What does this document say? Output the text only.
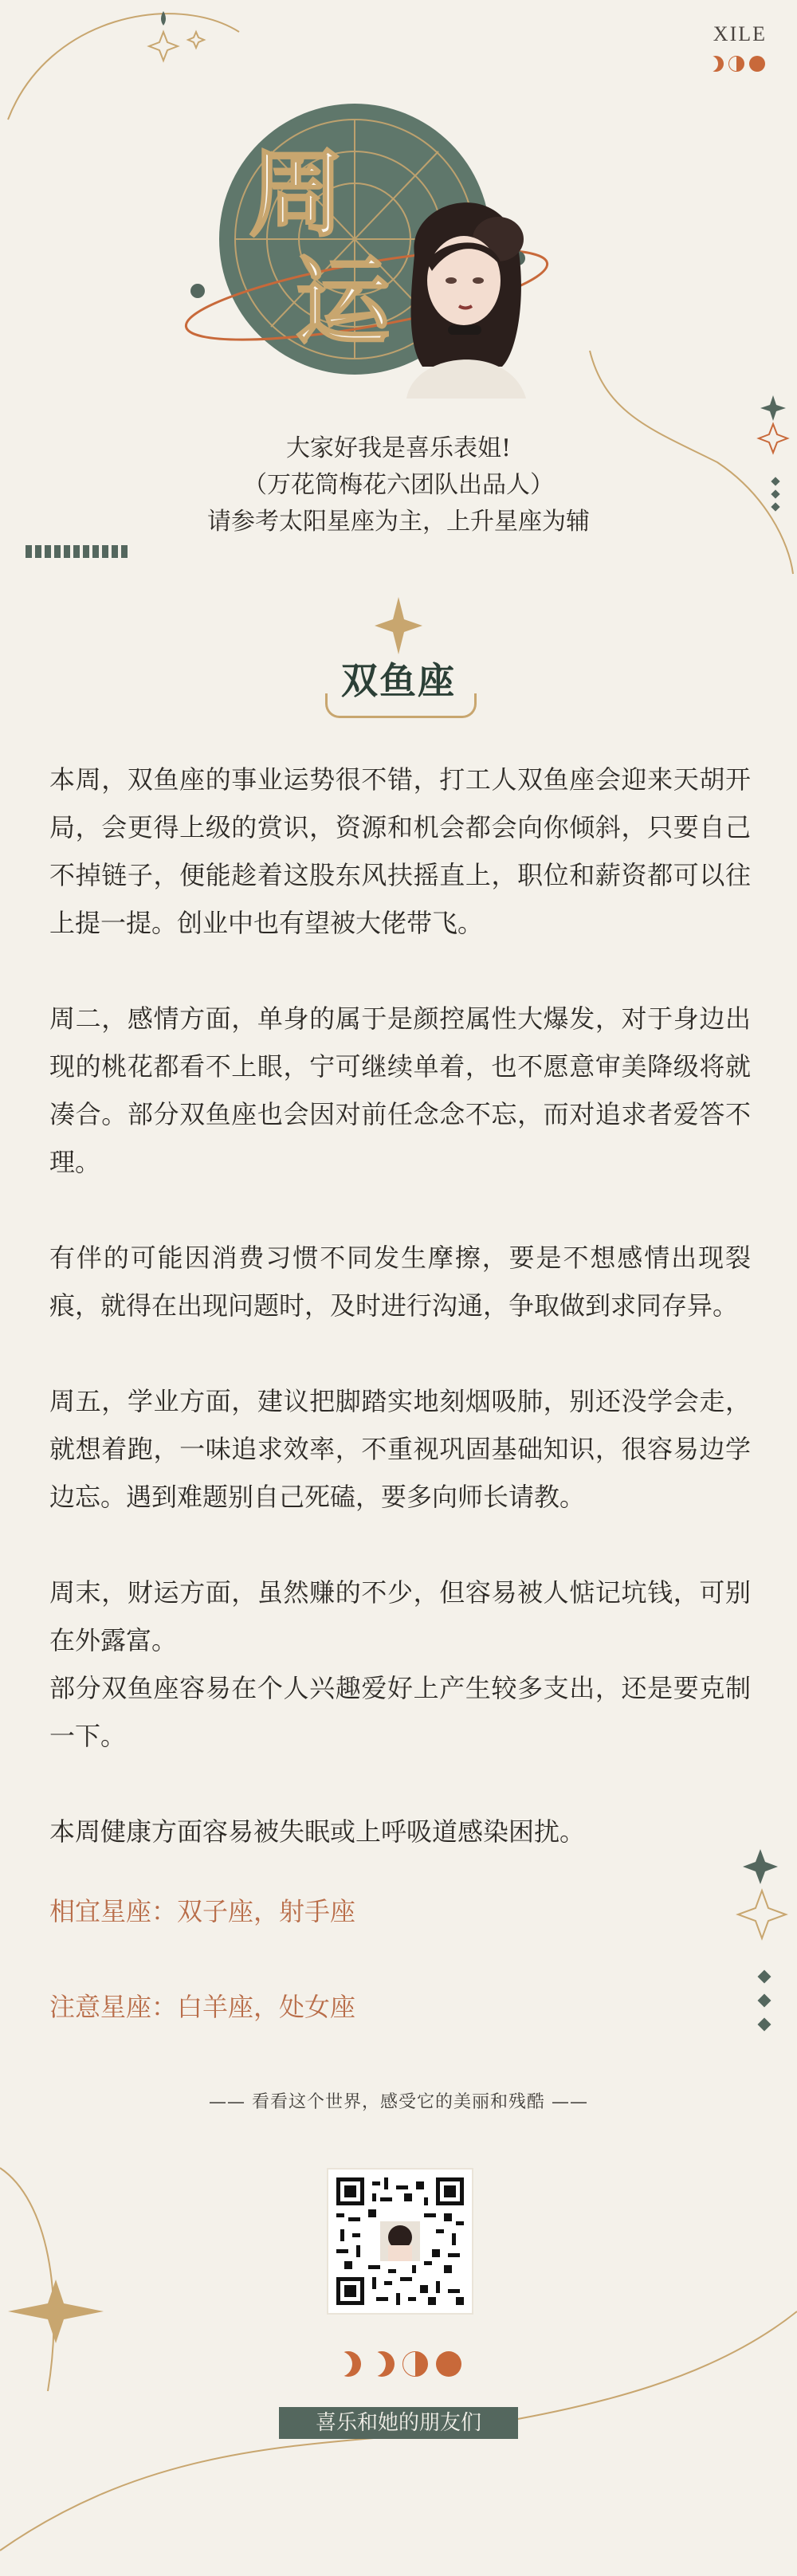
XILE
周
运
大家好我是喜乐表姐!
（万花筒梅花六团队出品人）
请参考太阳星座为主，上升星座为辅
双鱼座

本周，双鱼座的事业运势很不错，打工人双鱼座会迎来天胡开局，会更得上级的赏识，资源和机会都会向你倾斜，只要自己不掉链子，便能趁着这股东风扶摇直上，职位和薪资都可以往上提一提。创业中也有望被大佬带飞。

周二，感情方面，单身的属于是颜控属性大爆发，对于身边出现的桃花都看不上眼，宁可继续单着，也不愿意审美降级将就凑合。部分双鱼座也会因对前任念念不忘，而对追求者爱答不理。

有伴的可能因消费习惯不同发生摩擦，要是不想感情出现裂痕，就得在出现问题时，及时进行沟通，争取做到求同存异。

周五，学业方面，建议把脚踏实地刻烟吸肺，别还没学会走，就想着跑，一味追求效率，不重视巩固基础知识，很容易边学边忘。遇到难题别自己死磕，要多向师长请教。

周末，财运方面，虽然赚的不少，但容易被人惦记坑钱，可别在外露富。

部分双鱼座容易在个人兴趣爱好上产生较多支出，还是要克制一下。

本周健康方面容易被失眠或上呼吸道感染困扰。

相宜星座：双子座，射手座

注意星座：白羊座，处女座

—— 看看这个世界，感受它的美丽和残酷 ——
喜乐和她的朋友们
